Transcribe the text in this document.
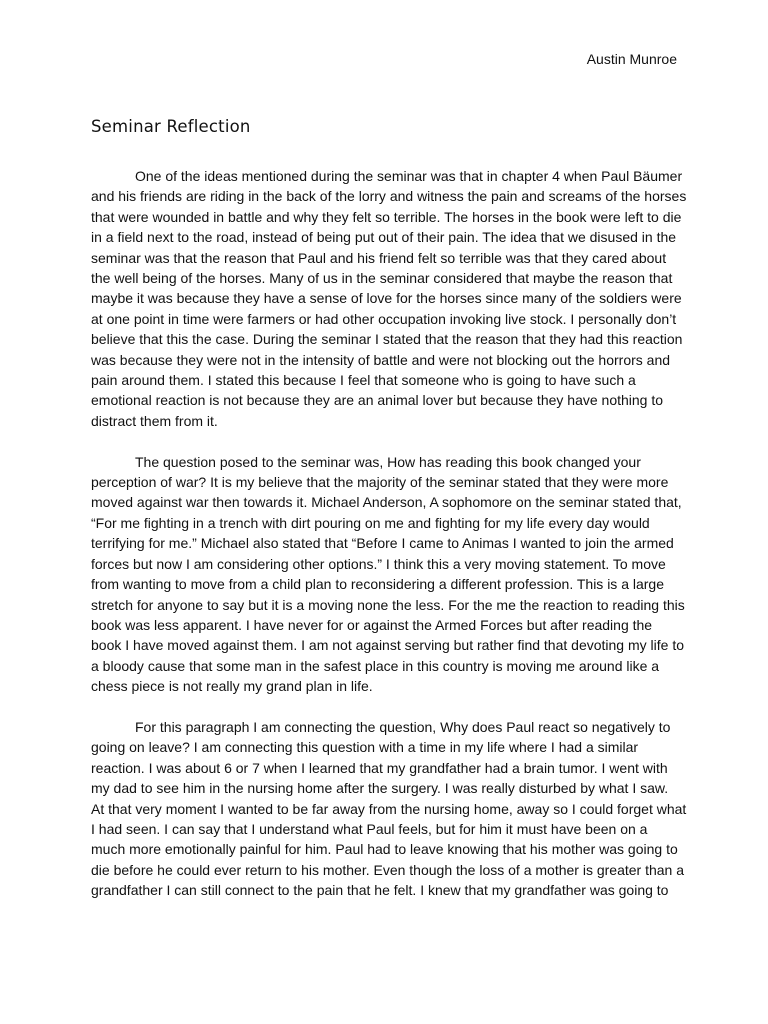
Austin Munroe
Seminar Reflection
One of the ideas mentioned during the seminar was that in chapter 4 when Paul Bäumer
and his friends are riding in the back of the lorry and witness the pain and screams of the horses
that were wounded in battle and why they felt so terrible. The horses in the book were left to die
in a field next to the road, instead of being put out of their pain. The idea that we disused in the
seminar was that the reason that Paul and his friend felt so terrible was that they cared about
the well being of the horses. Many of us in the seminar considered that maybe the reason that
maybe it was because they have a sense of love for the horses since many of the soldiers were
at one point in time were farmers or had other occupation invoking live stock. I personally don’t
believe that this the case. During the seminar I stated that the reason that they had this reaction
was because they were not in the intensity of battle and were not blocking out the horrors and
pain around them. I stated this because I feel that someone who is going to have such a
emotional reaction is not because they are an animal lover but because they have nothing to
distract them from it.
The question posed to the seminar was, How has reading this book changed your
perception of war? It is my believe that the majority of the seminar stated that they were more
moved against war then towards it. Michael Anderson, A sophomore on the seminar stated that,
“For me fighting in a trench with dirt pouring on me and fighting for my life every day would
terrifying for me.” Michael also stated that “Before I came to Animas I wanted to join the armed
forces but now I am considering other options.” I think this a very moving statement. To move
from wanting to move from a child plan to reconsidering a different profession. This is a large
stretch for anyone to say but it is a moving none the less. For the me the reaction to reading this
book was less apparent. I have never for or against the Armed Forces but after reading the
book I have moved against them. I am not against serving but rather find that devoting my life to
a bloody cause that some man in the safest place in this country is moving me around like a
chess piece is not really my grand plan in life.
For this paragraph I am connecting the question, Why does Paul react so negatively to
going on leave? I am connecting this question with a time in my life where I had a similar
reaction. I was about 6 or 7 when I learned that my grandfather had a brain tumor. I went with
my dad to see him in the nursing home after the surgery. I was really disturbed by what I saw.
At that very moment I wanted to be far away from the nursing home, away so I could forget what
I had seen. I can say that I understand what Paul feels, but for him it must have been on a
much more emotionally painful for him. Paul had to leave knowing that his mother was going to
die before he could ever return to his mother. Even though the loss of a mother is greater than a
grandfather I can still connect to the pain that he felt. I knew that my grandfather was going to
